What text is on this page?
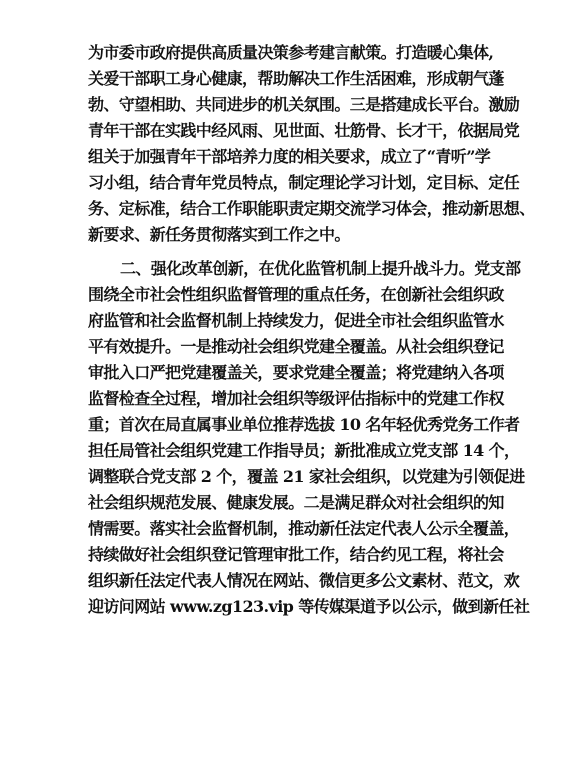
为市委市政府提供高质量决策参考建言献策。打造暖心集体,
关爱干部职工身心健康，帮助解决工作生活困难，形成朝气蓬
勃、守望相助、共同进步的机关氛围。三是搭建成长平台。激励
青年干部在实践中经风雨、见世面、壮筋骨、长才干，依据局党
组关于加强青年干部培养力度的相关要求，成立了“青听”学
习小组，结合青年党员特点，制定理论学习计划，定目标、定任
务、定标准，结合工作职能职责定期交流学习体会，推动新思想、
新要求、新任务贯彻落实到工作之中。
二、强化改革创新，在优化监管机制上提升战斗力。党支部
围绕全市社会性组织监督管理的重点任务，在创新社会组织政
府监管和社会监督机制上持续发力，促进全市社会组织监管水
平有效提升。一是推动社会组织党建全覆盖。从社会组织登记
审批入口严把党建覆盖关，要求党建全覆盖；将党建纳入各项
监督检查全过程，增加社会组织等级评估指标中的党建工作权
重；首次在局直属事业单位推荐选拔 10 名年轻优秀党务工作者
担任局管社会组织党建工作指导员；新批准成立党支部 14 个，
调整联合党支部 2 个，覆盖 21 家社会组织，以党建为引领促进
社会组织规范发展、健康发展。二是满足群众对社会组织的知
情需要。落实社会监督机制，推动新任法定代表人公示全覆盖，
持续做好社会组织登记管理审批工作，结合约见工程，将社会
组织新任法定代表人情况在网站、微信更多公文素材、范文，欢
迎访问网站 www.zg123.vip 等传媒渠道予以公示，做到新任社
